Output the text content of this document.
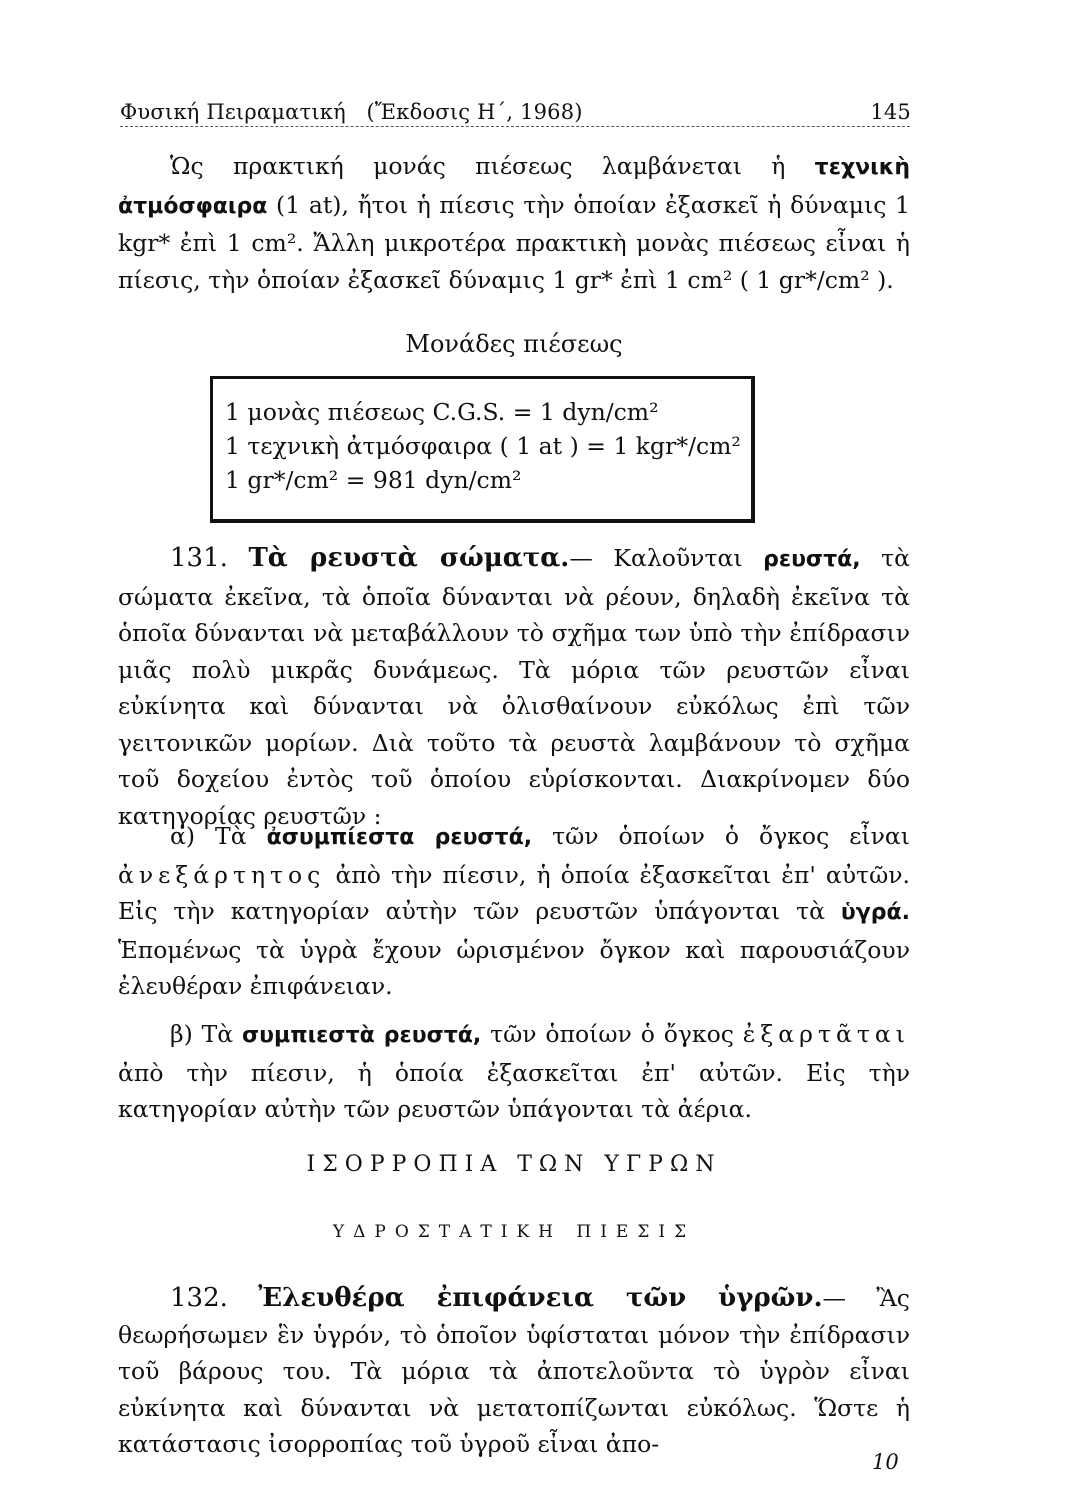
Φυσική Πειραματική (Ἔκδοσις Η΄, 1968)	145

Ὡς πρακτική μονάς πιέσεως λαμβάνεται ἡ τεχνικὴ ἀτμόσφαιρα (1 at), ἤτοι ἡ πίεσις τὴν ὁποίαν ἐξασκεῖ ἡ δύναμις 1 kgr* ἐπὶ 1 cm². Ἄλλη μικροτέρα πρακτικὴ μονὰς πιέσεως εἶναι ἡ πίεσις, τὴν ὁποίαν ἐξασκεῖ δύναμις 1 gr* ἐπὶ 1 cm² ( 1 gr*/cm² ).

Μονάδες πιέσεως
1 μονὰς πιέσεως C.G.S. = 1 dyn/cm²
1 τεχνικὴ ἀτμόσφαιρα ( 1 at ) = 1 kgr*/cm²
1 gr*/cm² = 981 dyn/cm²

131. Τὰ ρευστὰ σώματα.— Καλοῦνται ρευστά, τὰ σώματα ἐκεῖνα, τὰ ὁποῖα δύνανται νὰ ρέουν, δηλαδὴ ἐκεῖνα τὰ ὁποῖα δύνανται νὰ μεταβάλλουν τὸ σχῆμα των ὑπὸ τὴν ἐπίδρασιν μιᾶς πολὺ μικρᾶς δυνάμεως. Τὰ μόρια τῶν ρευστῶν εἶναι εὐκίνητα καὶ δύνανται νὰ ὀλισθαίνουν εὐκόλως ἐπὶ τῶν γειτονικῶν μορίων. Διὰ τοῦτο τὰ ρευστὰ λαμβάνουν τὸ σχῆμα τοῦ δοχείου ἐντὸς τοῦ ὁποίου εὑρίσκονται. Διακρίνομεν δύο κατηγορίας ρευστῶν :

α) Τὰ ἀσυμπίεστα ρευστά, τῶν ὁποίων ὁ ὄγκος εἶναι ἀνεξάρτητος ἀπὸ τὴν πίεσιν, ἡ ὁποία ἐξασκεῖται ἐπ' αὐτῶν. Εἰς τὴν κατηγορίαν αὐτὴν τῶν ρευστῶν ὑπάγονται τὰ ὑγρά. Ἑπομένως τὰ ὑγρὰ ἔχουν ὡρισμένον ὄγκον καὶ παρουσιάζουν ἐλευθέραν ἐπιφάνειαν.

β) Τὰ συμπιεστὰ ρευστά, τῶν ὁποίων ὁ ὄγκος ἐξαρτᾶται ἀπὸ τὴν πίεσιν, ἡ ὁποία ἐξασκεῖται ἐπ' αὐτῶν. Εἰς τὴν κατηγορίαν αὐτὴν τῶν ρευστῶν ὑπάγονται τὰ ἀέρια.

ΙΣΟΡΡΟΠΙΑ ΤΩΝ ΥΓΡΩΝ
ΥΔΡΟΣΤΑΤΙΚΗ ΠΙΕΣΙΣ

132. Ἐλευθέρα ἐπιφάνεια τῶν ὑγρῶν.— Ἂς θεωρήσωμεν ἓν ὑγρόν, τὸ ὁποῖον ὑφίσταται μόνον τὴν ἐπίδρασιν τοῦ βάρους του. Τὰ μόρια τὰ ἀποτελοῦντα τὸ ὑγρὸν εἶναι εὐκίνητα καὶ δύνανται νὰ μετατοπίζωνται εὐκόλως. Ὥστε ἡ κατάστασις ἰσορροπίας τοῦ ὑγροῦ εἶναι ἀπο-

10
